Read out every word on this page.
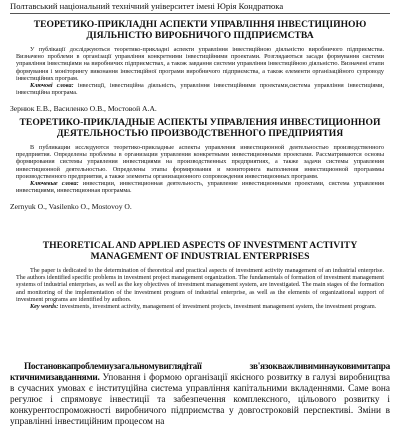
Полтавський національний технічний університет імені Юрія Кондратюка
ТЕОРЕТИКО-ПРИКЛАДНІ АСПЕКТИ УПРАВЛІННЯ ІНВЕСТИЦІЙНОЮ ДІЯЛЬНІСТЮ ВИРОБНИЧОГО ПІДПРИЄМСТВА
У публікації досліджуються теоретико-прикладні аспекти управління інвестиційною діяльністю виробничого підприємства. Визначено проблеми в організації управління конкретними інвестиційними проектами. Розглядаються засади формування системи управління інвестиціями на виробничих підприємствах, а також завдання системи управління інвестиційною діяльністю. Визначені етапи формування і моніторингу виконання інвестиційної програми виробничого підприємства, а також елементи організаційного супроводу інвестиційних програм.
Ключові слова: інвестиції, інвестиційна діяльність, управління інвестиційними проектами,система управління інвестиціями, інвестиційна програма.
Зернюк Е.В., Василенко О.В., Мостовой А.А.
ТЕОРЕТИКО-ПРИКЛАДНЫЕ АСПЕКТЫ УПРАВЛЕНИЯ ИНВЕСТИЦИОННОЙ ДЕЯТЕЛЬНОСТЬЮ ПРОИЗВОДСТВЕННОГО ПРЕДПРИЯТИЯ
В публикации исследуются теоретико-прикладные аспекты управления инвестиционной деятельностью производственного предприятия. Определены проблемы в организации управления конкретными инвестиционными проектами. Рассматриваются основы формирования системы управления инвестициями на производственных предприятиях, а также задачи системы управления инвестиционной деятельностью. Определены этапы формирования и мониторинга выполнения инвестиционной программы производственного предприятия, а также элементы организационного сопровождения инвестиционных программ.
Ключевые слова: инвестиции, инвестиционная деятельность, управление инвестиционными проектами, система управления инвестициями, инвестиционная программа.
Zernyuk O., Vasilenko O., Mostovoy O.
THEORETICAL AND APPLIED ASPECTS OF INVESTMENT ACTIVITY MANAGEMENT OF INDUSTRIAL ENTERPRISES
The paper is dedicated to the determination of theoretical and practical aspects of investment activity management of an industrial enterprise. The authors identified specific problems in investment project management organization. The fundamentals of formation of investment management systems of industrial enterprises, as well as the key objectives of investment management system, are investigated. The main stages of the formation and monitoring of the implementation of the investment program of industrial enterprise, as well as the elements of organizational support of investment programs are identified by authors.
Key words: investments, investment activity, management of investment projects, investment management system, the investment program.
Постановкапроблемиузагальномувиглядітаїї зв'язокважливиминауковимитапра ктичнимизавданнями. Уповання і формою організації якісного розвитку в галузі виробництва в сучасних умовах є інституційна система управління капітальними вкладеннями. Саме вона регулює і спрямовує інвестиції та забезпечення комплексного, цільового розвитку і конкурентоспроможності виробничого підприємства у довгостроковій перспективі. Зміни в управлінні інвестиційним процесом на
